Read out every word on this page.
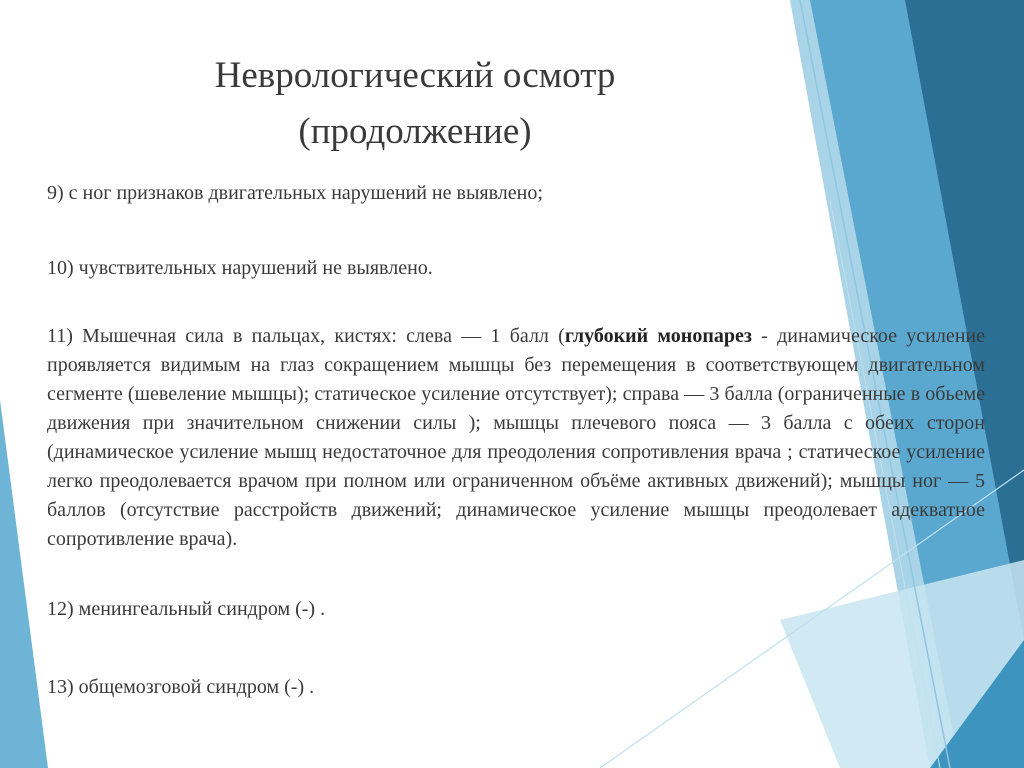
Неврологический осмотр
(продолжение)

9) с ног признаков двигательных нарушений не выявлено;

10) чувствительных нарушений не выявлено.

11) Мышечная сила в пальцах, кистях: слева — 1 балл (глубокий монопарез - динамическое усиление проявляется видимым на глаз сокращением мышцы без перемещения в соответствующем двигательном сегменте (шевеление мышцы); статическое усиление отсутствует); справа — 3 балла (ограниченные в обьеме движения при значительном снижении силы ); мышцы плечевого пояса — 3 балла с обеих сторон (динамическое усиление мышц недостаточное для преодоления сопротивления врача ; статическое усиление легко преодолевается врачом при полном или ограниченном объёме активных движений); мышцы ног — 5 баллов (отсутствие расстройств движений; динамическое усиление мышцы преодолевает адекватное сопротивление врача).

12) менингеальный синдром (-) .

13) общемозговой синдром (-) .
